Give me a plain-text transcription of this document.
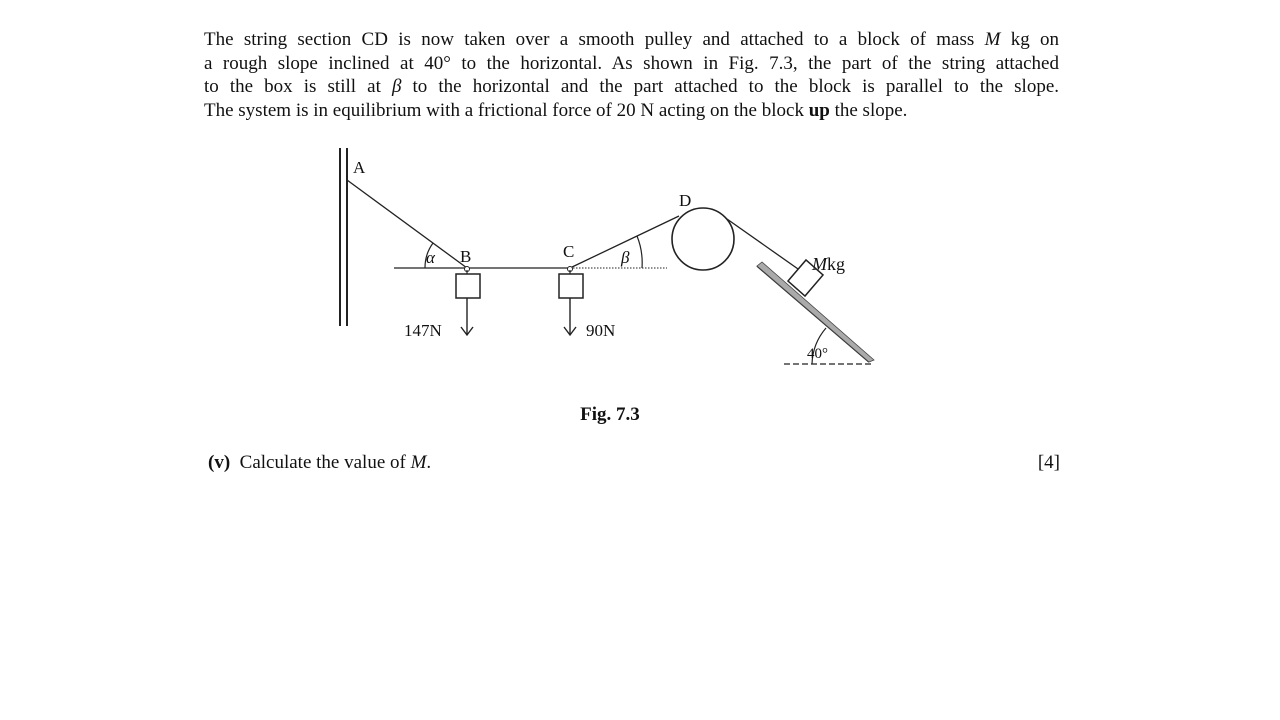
The string section CD is now taken over a smooth pulley and attached to a block of mass M kg on
a rough slope inclined at 40° to the horizontal. As shown in Fig. 7.3, the part of the string attached
to the box is still at β to the horizontal and the part attached to the block is parallel to the slope.
The system is in equilibrium with a frictional force of 20 N acting on the block up the slope.
A
B	C
D
α	β
147N	90N
Mkg
40°

Fig. 7.3

(v) Calculate the value of M.	[4]
